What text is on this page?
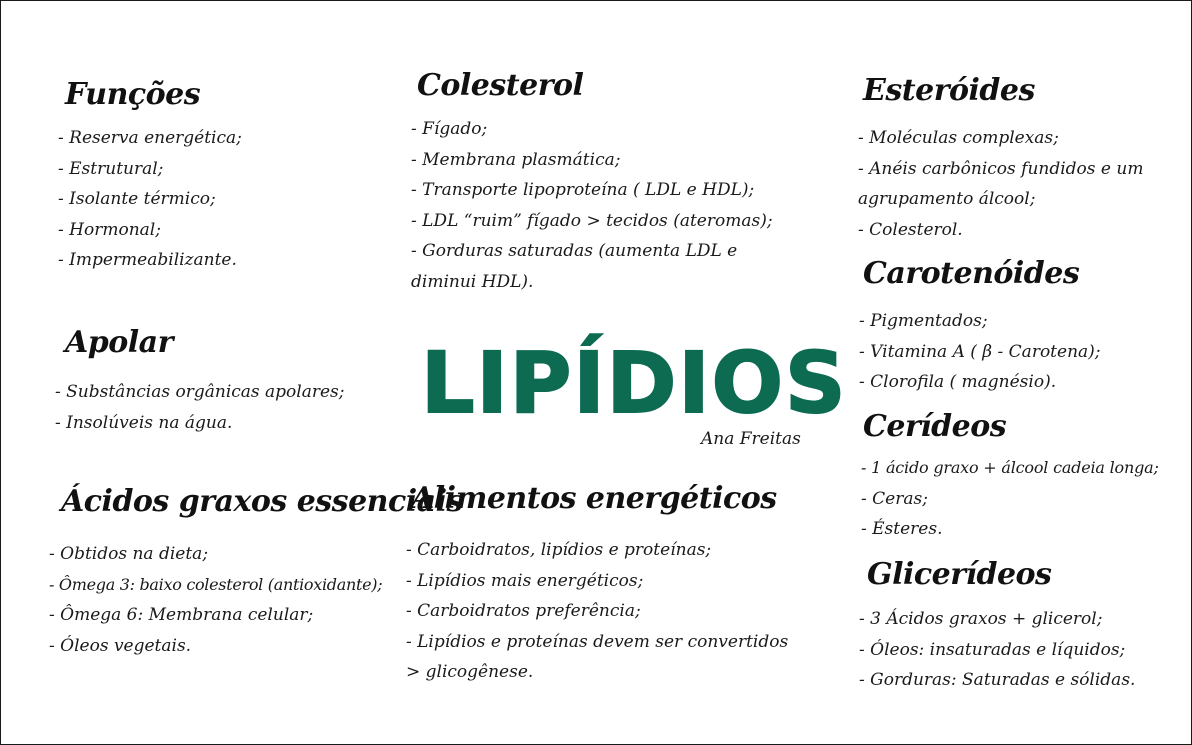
Funções
- Reserva energética;
- Estrutural;
- Isolante térmico;
- Hormonal;
- Impermeabilizante.
Apolar
- Substâncias orgânicas apolares;
- Insolúveis na água.
Ácidos graxos essenciais
- Obtidos na dieta;
- Ômega 3: baixo colesterol (antioxidante);
- Ômega 6: Membrana celular;
- Óleos vegetais.
Colesterol
- Fígado;
- Membrana plasmática;
- Transporte lipoproteína ( LDL e HDL);
- LDL “ruim” fígado > tecidos (ateromas);
- Gorduras saturadas (aumenta LDL e diminui HDL).
LIPÍDIOS
Ana Freitas
Alimentos energéticos
- Carboidratos, lipídios e proteínas;
- Lipídios mais energéticos;
- Carboidratos preferência;
- Lipídios e proteínas devem ser convertidos > glicogênese.
Esteróides
- Moléculas complexas;
- Anéis carbônicos fundidos e um agrupamento álcool;
- Colesterol.
Carotenóides
- Pigmentados;
- Vitamina A ( β - Carotena);
- Clorofila ( magnésio).
Cerídeos
- 1 ácido graxo + álcool cadeia longa;
- Ceras;
- Ésteres.
Glicerídeos
- 3 Ácidos graxos + glicerol;
- Óleos: insaturadas e líquidos;
- Gorduras: Saturadas e sólidas.
